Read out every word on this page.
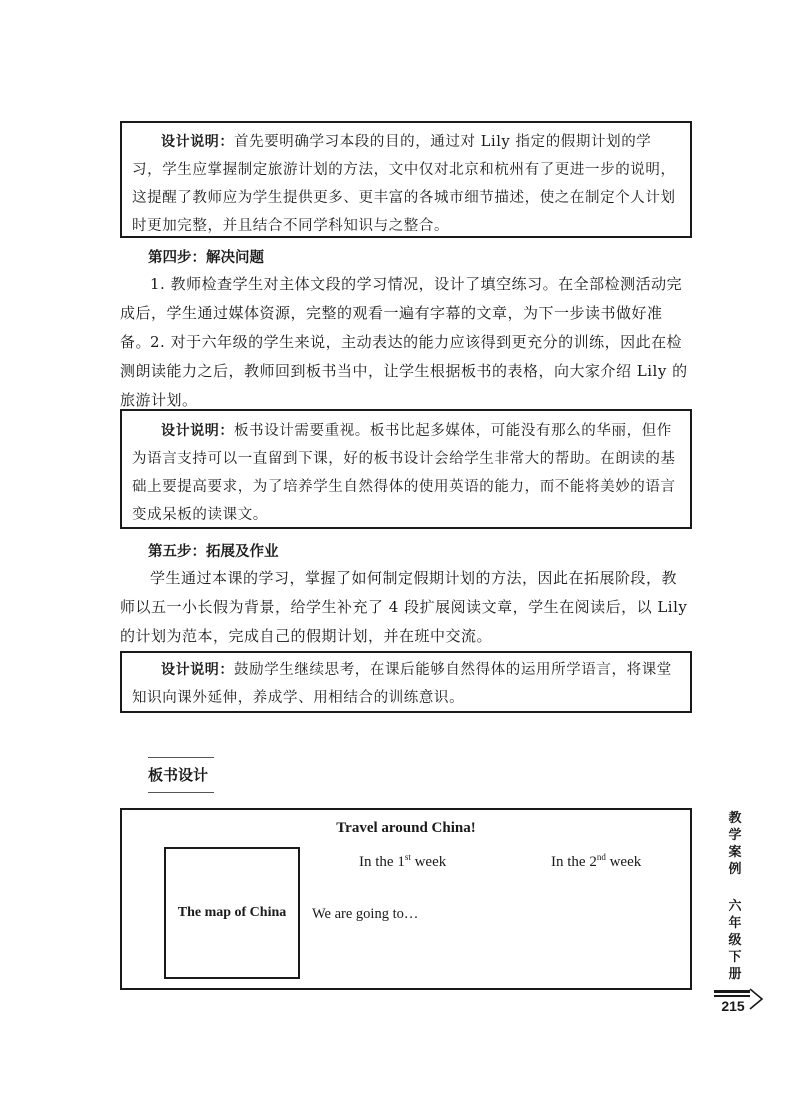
设计说明：首先要明确学习本段的目的，通过对 Lily 指定的假期计划的学习，学生应掌握制定旅游计划的方法，文中仅对北京和杭州有了更进一步的说明，这提醒了教师应为学生提供更多、更丰富的各城市细节描述，使之在制定个人计划时更加完整，并且结合不同学科知识与之整合。

第四步：解决问题

1. 教师检查学生对主体文段的学习情况，设计了填空练习。在全部检测活动完成后，学生通过媒体资源，完整的观看一遍有字幕的文章，为下一步读书做好准备。

2. 对于六年级的学生来说，主动表达的能力应该得到更充分的训练，因此在检测朗读能力之后，教师回到板书当中，让学生根据板书的表格，向大家介绍 Lily 的旅游计划。

设计说明：板书设计需要重视。板书比起多媒体，可能没有那么的华丽，但作为语言支持可以一直留到下课，好的板书设计会给学生非常大的帮助。在朗读的基础上要提高要求，为了培养学生自然得体的使用英语的能力，而不能将美妙的语言变成呆板的读课文。

第五步：拓展及作业

学生通过本课的学习，掌握了如何制定假期计划的方法，因此在拓展阶段，教师以五一小长假为背景，给学生补充了 4 段扩展阅读文章，学生在阅读后，以 Lily 的计划为范本，完成自己的假期计划，并在班中交流。

设计说明：鼓励学生继续思考，在课后能够自然得体的运用所学语言，将课堂知识向课外延伸，养成学、用相结合的训练意识。

板书设计
Travel around China!
The map of China
In the 1st week	In the 2nd week
We are going to…
教
学
案
例
六
年
级
下
册
215
